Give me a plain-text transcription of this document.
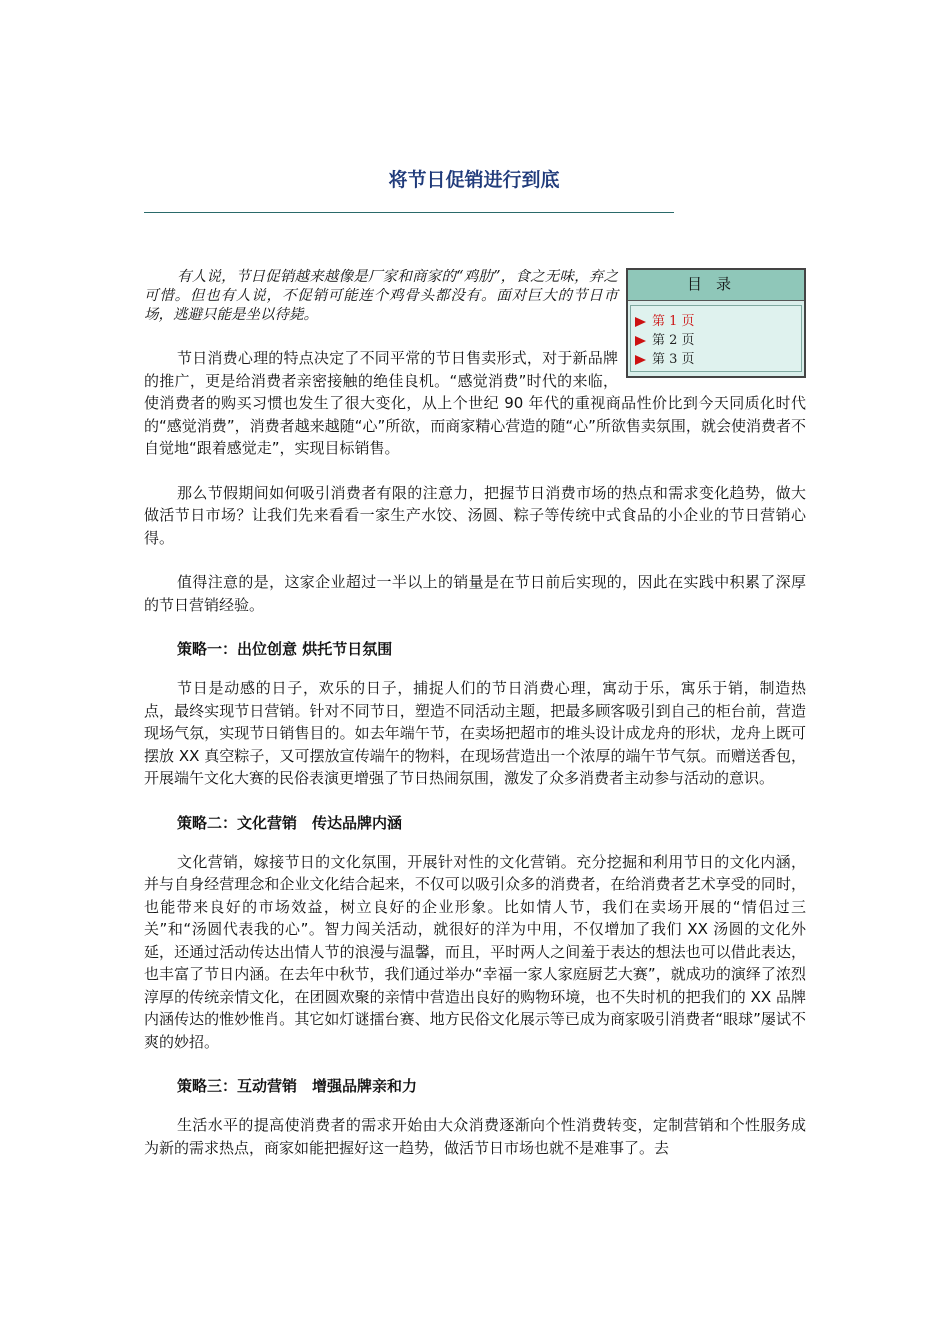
将节日促销进行到底
目录
第 1 页
第 2 页
第 3 页

有人说，节日促销越来越像是厂家和商家的“鸡肋”，食之无味，弃之可惜。但也有人说，不促销可能连个鸡骨头都没有。面对巨大的节日市场，逃避只能是坐以待毙。

节日消费心理的特点决定了不同平常的节日售卖形式，对于新品牌的推广，更是给消费者亲密接触的绝佳良机。“感觉消费”时代的来临，使消费者的购买习惯也发生了很大变化，从上个世纪 90 年代的重视商品性价比到今天同质化时代的“感觉消费”，消费者越来越随“心”所欲，而商家精心营造的随“心”所欲售卖氛围，就会使消费者不自觉地“跟着感觉走”，实现目标销售。

那么节假期间如何吸引消费者有限的注意力，把握节日消费市场的热点和需求变化趋势，做大做活节日市场？让我们先来看看一家生产水饺、汤圆、粽子等传统中式食品的小企业的节日营销心得。

值得注意的是，这家企业超过一半以上的销量是在节日前后实现的，因此在实践中积累了深厚的节日营销经验。

策略一：出位创意 烘托节日氛围

节日是动感的日子，欢乐的日子，捕捉人们的节日消费心理，寓动于乐，寓乐于销，制造热点，最终实现节日营销。针对不同节日，塑造不同活动主题，把最多顾客吸引到自己的柜台前，营造现场气氛，实现节日销售目的。如去年端午节，在卖场把超市的堆头设计成龙舟的形状，龙舟上既可摆放 XX 真空粽子，又可摆放宣传端午的物料，在现场营造出一个浓厚的端午节气氛。而赠送香包，开展端午文化大赛的民俗表演更增强了节日热闹氛围，激发了众多消费者主动参与活动的意识。

策略二：文化营销　传达品牌内涵

文化营销，嫁接节日的文化氛围，开展针对性的文化营销。充分挖掘和利用节日的文化内涵，并与自身经营理念和企业文化结合起来，不仅可以吸引众多的消费者，在给消费者艺术享受的同时，也能带来良好的市场效益，树立良好的企业形象。比如情人节，我们在卖场开展的“情侣过三关”和“汤圆代表我的心”。智力闯关活动，就很好的洋为中用，不仅增加了我们 XX 汤圆的文化外延，还通过活动传达出情人节的浪漫与温馨，而且，平时两人之间羞于表达的想法也可以借此表达，也丰富了节日内涵。在去年中秋节，我们通过举办“幸福一家人家庭厨艺大赛”，就成功的演绎了浓烈淳厚的传统亲情文化，在团圆欢聚的亲情中营造出良好的购物环境，也不失时机的把我们的 XX 品牌内涵传达的惟妙惟肖。其它如灯谜擂台赛、地方民俗文化展示等已成为商家吸引消费者“眼球”屡试不爽的妙招。

策略三：互动营销　增强品牌亲和力

生活水平的提高使消费者的需求开始由大众消费逐渐向个性消费转变，定制营销和个性服务成为新的需求热点，商家如能把握好这一趋势，做活节日市场也就不是难事了。去
